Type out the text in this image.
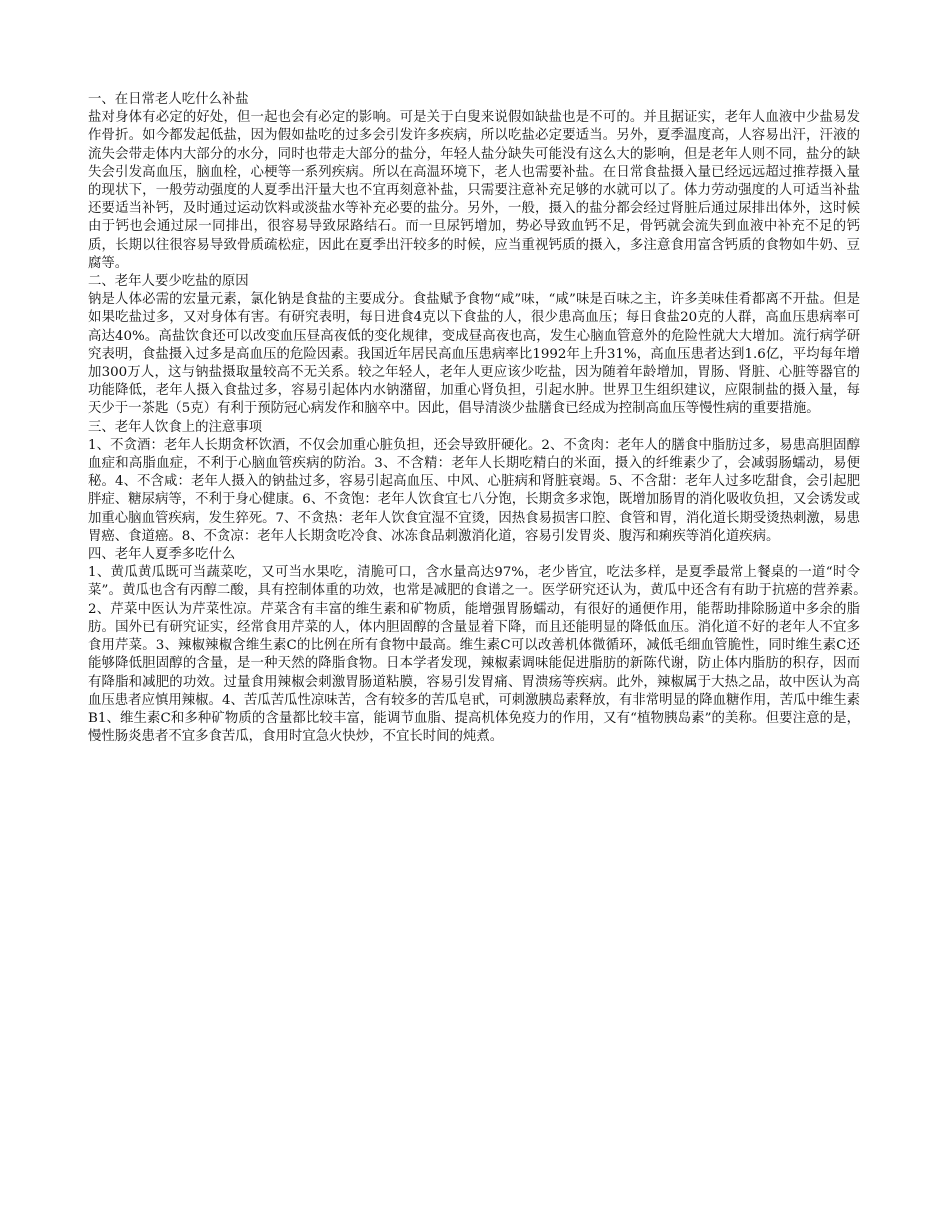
一、在日常老人吃什么补盐

盐对身体有必定的好处，但一起也会有必定的影响。可是关于白叟来说假如缺盐也是不可的。并且据证实，老年人血液中少盐易发作骨折。如今都发起低盐，因为假如盐吃的过多会引发许多疾病，所以吃盐必定要适当。另外，夏季温度高，人容易出汗，汗液的流失会带走体内大部分的水分，同时也带走大部分的盐分，年轻人盐分缺失可能没有这么大的影响，但是老年人则不同，盐分的缺失会引发高血压，脑血栓，心梗等一系列疾病。所以在高温环境下，老人也需要补盐。在日常食盐摄入量已经远远超过推荐摄入量的现状下，一般劳动强度的人夏季出汗量大也不宜再刻意补盐，只需要注意补充足够的水就可以了。体力劳动强度的人可适当补盐还要适当补钙，及时通过运动饮料或淡盐水等补充必要的盐分。另外，一般，摄入的盐分都会经过肾脏后通过尿排出体外，这时候由于钙也会通过尿一同排出，很容易导致尿路结石。而一旦尿钙增加，势必导致血钙不足，骨钙就会流失到血液中补充不足的钙质，长期以往很容易导致骨质疏松症，因此在夏季出汗较多的时候，应当重视钙质的摄入，多注意食用富含钙质的食物如牛奶、豆腐等。

二、老年人要少吃盐的原因

钠是人体必需的宏量元素，氯化钠是食盐的主要成分。食盐赋予食物“咸”味，“咸”味是百味之主，许多美味佳肴都离不开盐。但是如果吃盐过多，又对身体有害。有研究表明，每日进食4克以下食盐的人，很少患高血压；每日食盐20克的人群，高血压患病率可高达40%。高盐饮食还可以改变血压昼高夜低的变化规律，变成昼高夜也高，发生心脑血管意外的危险性就大大增加。流行病学研究表明，食盐摄入过多是高血压的危险因素。我国近年居民高血压患病率比1992年上升31%，高血压患者达到1.6亿，平均每年增加300万人，这与钠盐摄取量较高不无关系。较之年轻人，老年人更应该少吃盐，因为随着年龄增加，胃肠、肾脏、心脏等器官的功能降低，老年人摄入食盐过多，容易引起体内水钠潴留，加重心肾负担，引起水肿。世界卫生组织建议，应限制盐的摄入量，每天少于一茶匙（5克）有利于预防冠心病发作和脑卒中。因此，倡导清淡少盐膳食已经成为控制高血压等慢性病的重要措施。

三、老年人饮食上的注意事项

1、不贪酒：老年人长期贪杯饮酒，不仅会加重心脏负担，还会导致肝硬化。2、不贪肉：老年人的膳食中脂肪过多，易患高胆固醇血症和高脂血症，不利于心脑血管疾病的防治。3、不含精：老年人长期吃精白的米面，摄入的纤维素少了，会减弱肠蠕动，易便秘。4、不含咸：老年人摄入的钠盐过多，容易引起高血压、中风、心脏病和肾脏衰竭。5、不含甜：老年人过多吃甜食，会引起肥胖症、糖尿病等，不利于身心健康。6、不贪饱：老年人饮食宜七八分饱，长期贪多求饱，既增加肠胃的消化吸收负担，又会诱发或加重心脑血管疾病，发生猝死。7、不贪热：老年人饮食宜湿不宜烫，因热食易损害口腔、食管和胃，消化道长期受烫热刺激，易患胃癌、食道癌。8、不贪凉：老年人长期贪吃冷食、冰冻食品刺激消化道，容易引发胃炎、腹泻和痢疾等消化道疾病。

四、老年人夏季多吃什么

1、黄瓜黄瓜既可当蔬菜吃，又可当水果吃，清脆可口，含水量高达97%，老少皆宜，吃法多样，是夏季最常上餐桌的一道“时令菜”。黄瓜也含有丙醇二酸，具有控制体重的功效，也常是减肥的食谱之一。医学研究还认为，黄瓜中还含有有助于抗癌的营养素。　　2、芹菜中医认为芹菜性凉。芹菜含有丰富的维生素和矿物质，能增强胃肠蠕动，有很好的通便作用，能帮助排除肠道中多余的脂肪。国外已有研究证实，经常食用芹菜的人，体内胆固醇的含量显着下降，而且还能明显的降低血压。消化道不好的老年人不宜多食用芹菜。3、辣椒辣椒含维生素C的比例在所有食物中最高。维生素C可以改善机体微循环，减低毛细血管脆性，同时维生素C还能够降低胆固醇的含量，是一种天然的降脂食物。日本学者发现，辣椒素调味能促进脂肪的新陈代谢，防止体内脂肪的积存，因而有降脂和减肥的功效。过量食用辣椒会刺激胃肠道粘膜，容易引发胃痛、胃溃疡等疾病。此外，辣椒属于大热之品，故中医认为高血压患者应慎用辣椒。4、苦瓜苦瓜性凉味苦，含有较多的苦瓜皂甙，可刺激胰岛素释放，有非常明显的降血糖作用，苦瓜中维生素B1、维生素C和多种矿物质的含量都比较丰富，能调节血脂、提高机体免疫力的作用，又有“植物胰岛素”的美称。但要注意的是，慢性肠炎患者不宜多食苦瓜，食用时宜急火快炒，不宜长时间的炖煮。
